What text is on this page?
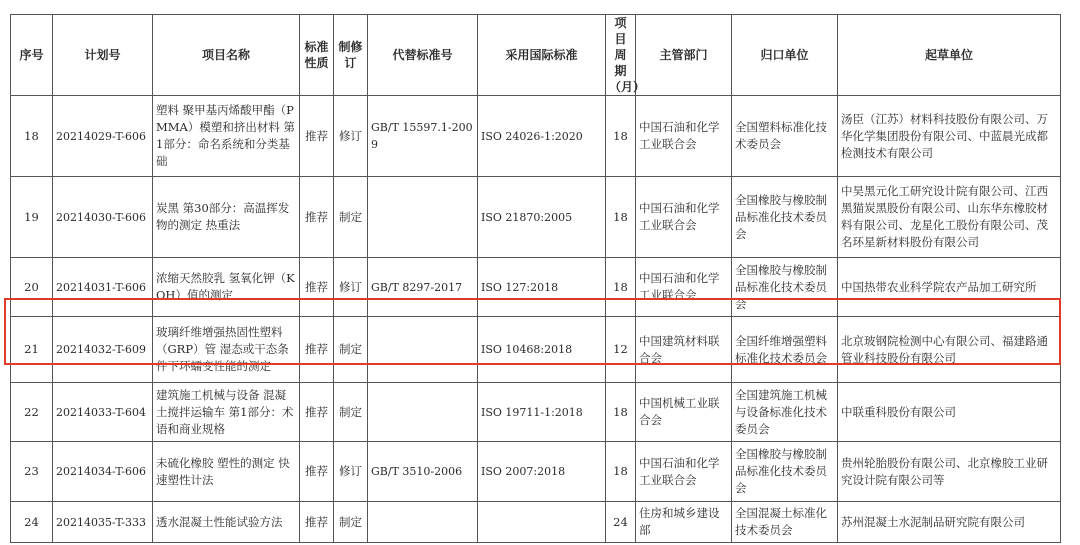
序号	计划号	项目名称	标准性质	制修订	代替标准号	采用国际标准	项目周期（月）	主管部门	归口单位	起草单位
18	20214029-T-606	塑料 聚甲基丙烯酸甲酯（PMMA）模塑和挤出材料 第1部分：命名系统和分类基础	推荐	修订	GB/T 15597.1-2009	ISO 24026-1:2020	18	中国石油和化学工业联合会	全国塑料标准化技术委员会	汤臣（江苏）材料科技股份有限公司、万华化学集团股份有限公司、中蓝晨光成都检测技术有限公司
19	20214030-T-606	炭黑 第30部分：高温挥发物的测定 热重法	推荐	制定		ISO 21870:2005	18	中国石油和化学工业联合会	全国橡胶与橡胶制品标准化技术委员会	中昊黑元化工研究设计院有限公司、江西黑猫炭黑股份有限公司、山东华东橡胶材料有限公司、龙星化工股份有限公司、茂名环星新材料股份有限公司
20	20214031-T-606	浓缩天然胶乳 氢氧化钾（KOH）值的测定	推荐	修订	GB/T 8297-2017	ISO 127:2018	18	中国石油和化学工业联合会	全国橡胶与橡胶制品标准化技术委员会	中国热带农业科学院农产品加工研究所
21	20214032-T-609	玻璃纤维增强热固性塑料（GRP）管 湿态或干态条件下环蠕变性能的测定	推荐	制定		ISO 10468:2018	12	中国建筑材料联合会	全国纤维增强塑料标准化技术委员会	北京玻钢院检测中心有限公司、福建路通管业科技股份有限公司
22	20214033-T-604	建筑施工机械与设备 混凝土搅拌运输车 第1部分：术语和商业规格	推荐	制定		ISO 19711-1:2018	18	中国机械工业联合会	全国建筑施工机械与设备标准化技术委员会	中联重科股份有限公司
23	20214034-T-606	未硫化橡胶 塑性的测定 快速塑性计法	推荐	修订	GB/T 3510-2006	ISO 2007:2018	18	中国石油和化学工业联合会	全国橡胶与橡胶制品标准化技术委员会	贵州轮胎股份有限公司、北京橡胶工业研究设计院有限公司等
24	20214035-T-333	透水混凝土性能试验方法	推荐	制定			24	住房和城乡建设部	全国混凝土标准化技术委员会	苏州混凝土水泥制品研究院有限公司
